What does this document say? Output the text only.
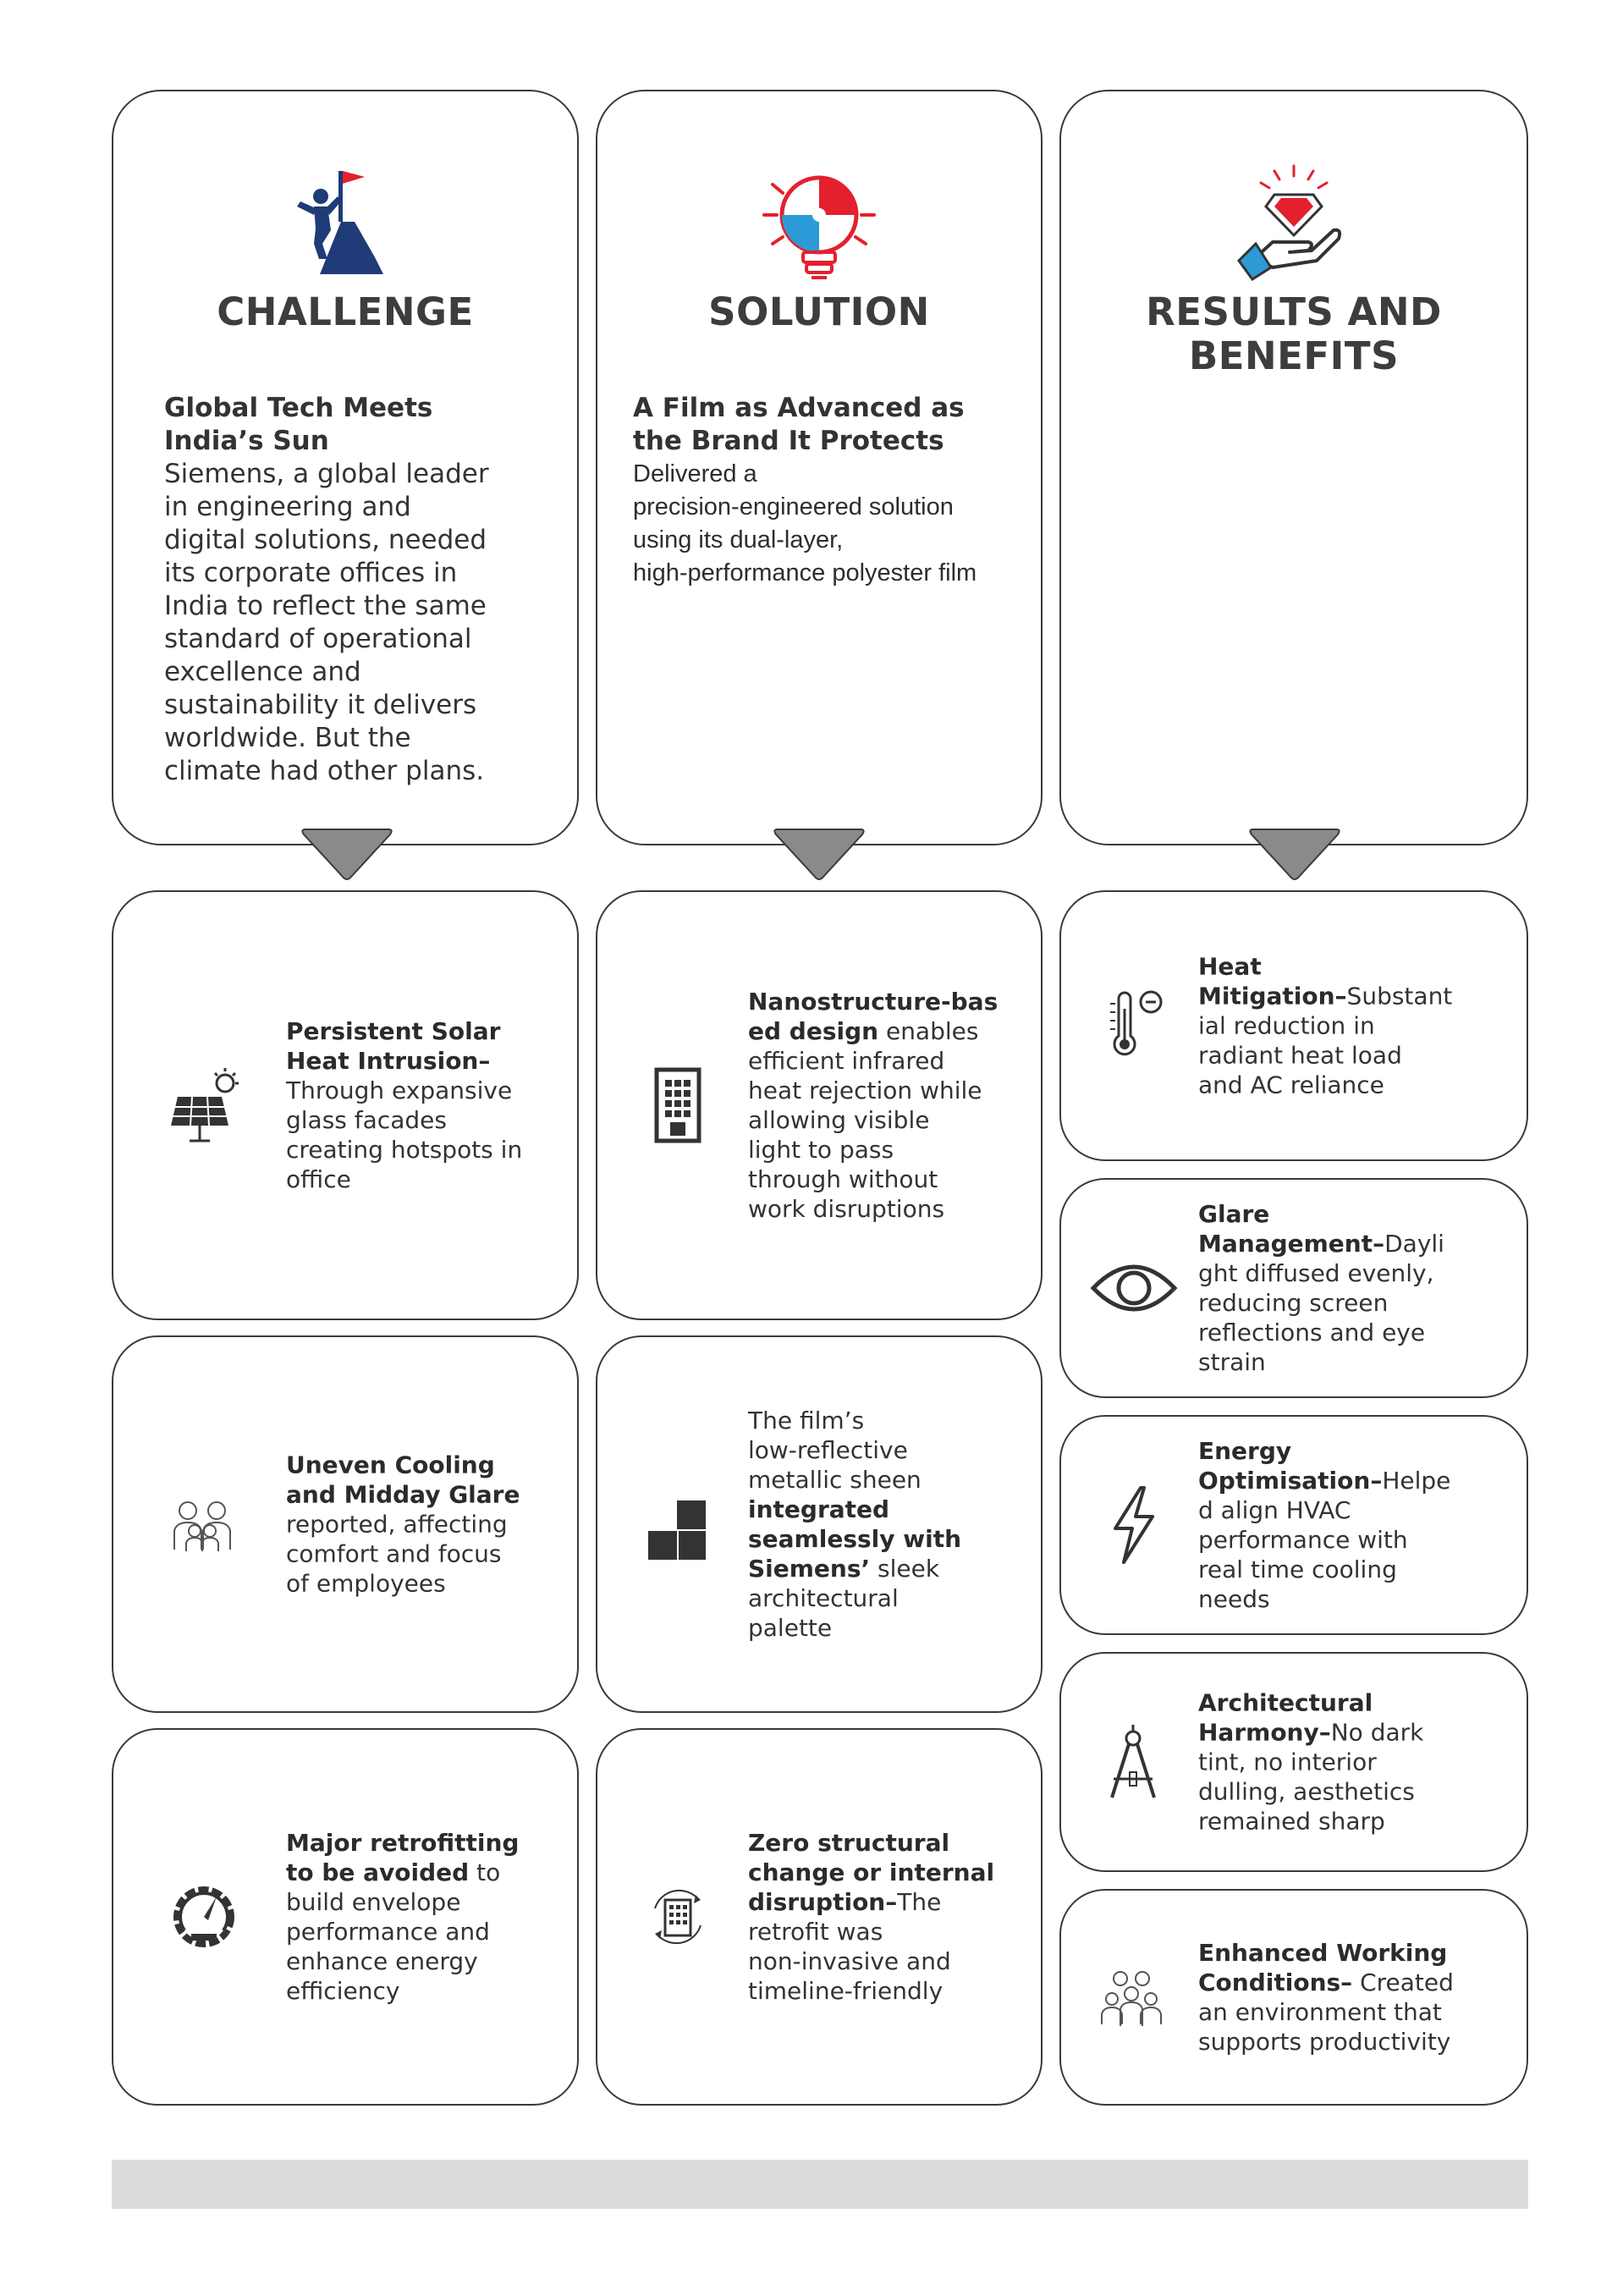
CHALLENGE
Global Tech Meets
India’s Sun
Siemens, a global leader
in engineering and
digital solutions, needed
its corporate offices in
India to reflect the same
standard of operational
excellence and
sustainability it delivers
worldwide. But the
climate had other plans.
SOLUTION
A Film as Advanced as
the Brand It Protects
Delivered a
precision-engineered solution
using its dual-layer,
high-performance polyester film
RESULTS AND
BENEFITS
Persistent Solar
Heat Intrusion–
Through expansive
glass facades
creating hotspots in
office
Uneven Cooling
and Midday Glare
reported, affecting
comfort and focus
of employees
Major retrofitting
to be avoided to
build envelope
performance and
enhance energy
efficiency
Nanostructure-bas
ed design enables
efficient infrared
heat rejection while
allowing visible
light to pass
through without
work disruptions
The film’s
low-reflective
metallic sheen
integrated
seamlessly with
Siemens’ sleek
architectural
palette
Zero structural
change or internal
disruption–The
retrofit was
non-invasive and
timeline-friendly
Heat
Mitigation–Substant
ial reduction in
radiant heat load
and AC reliance
Glare
Management–Dayli
ght diffused evenly,
reducing screen
reflections and eye
strain
Energy
Optimisation–Helpe
d align HVAC
performance with
real time cooling
needs
Architectural
Harmony–No dark
tint, no interior
dulling, aesthetics
remained sharp
Enhanced Working
Conditions– Created
an environment that
supports productivity
